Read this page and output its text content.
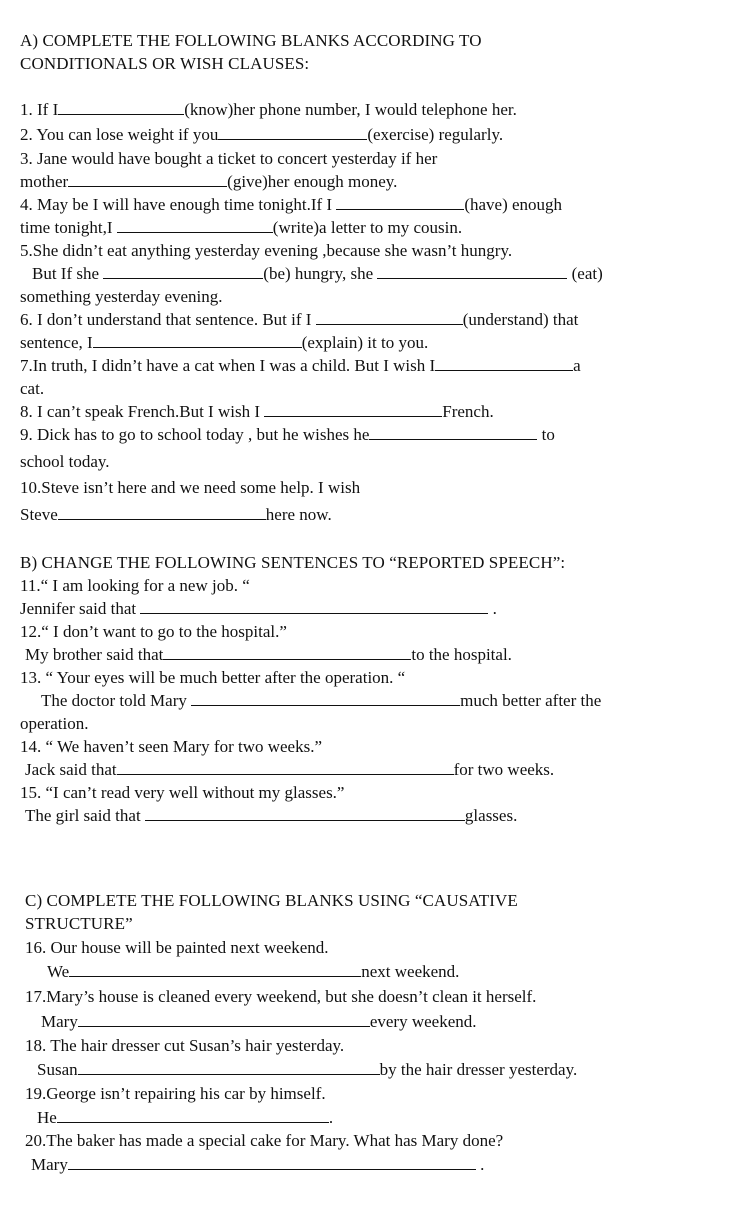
A) COMPLETE THE FOLLOWING BLANKS ACCORDING TO
CONDITIONALS OR WISH CLAUSES:
1. If I	(know)her phone number, I would telephone her.
2. You can lose weight if you	(exercise) regularly.
3. Jane would have bought a ticket to concert yesterday if her
mother	(give)her enough money.
4. May be I will have enough time tonight.If I	(have) enough
time tonight,I	(write)a letter to my cousin.
5.She didn’t eat anything yesterday evening ,because she wasn’t hungry.
But If she	(be) hungry, she	(eat)
something yesterday evening.
6. I don’t understand that sentence. But if I	(understand) that
sentence, I	(explain) it to you.
7.In truth, I didn’t have a cat when I was a child. But I wish I	a
cat.
8. I can’t speak French.But I wish I	French.
9. Dick has to go to school today , but he wishes he	to
school today.
10.Steve isn’t here and we need some help. I wish
Steve	here now.
B) CHANGE THE FOLLOWING SENTENCES TO “REPORTED SPEECH”:
11.“ I am looking for a new job. “
Jennifer said that	.
12.“ I don’t want to go to the hospital.”
My brother said that	to the hospital.
13. “ Your eyes will be much better after the operation. “
The doctor told Mary	much better after the
operation.
14. “ We haven’t seen Mary for two weeks.”
Jack said that	for two weeks.
15. “I can’t read very well without my glasses.”
The girl said that	glasses.
C) COMPLETE THE FOLLOWING BLANKS USING “CAUSATIVE
STRUCTURE”
16. Our house will be painted next weekend.
We	next weekend.
17.Mary’s house is cleaned every weekend, but she doesn’t clean it herself.
Mary	every weekend.
18. The hair dresser cut Susan’s hair yesterday.
Susan	by the hair dresser yesterday.
19.George isn’t repairing his car by himself.
He	.
20.The baker has made a special cake for Mary. What has Mary done?
Mary	.
